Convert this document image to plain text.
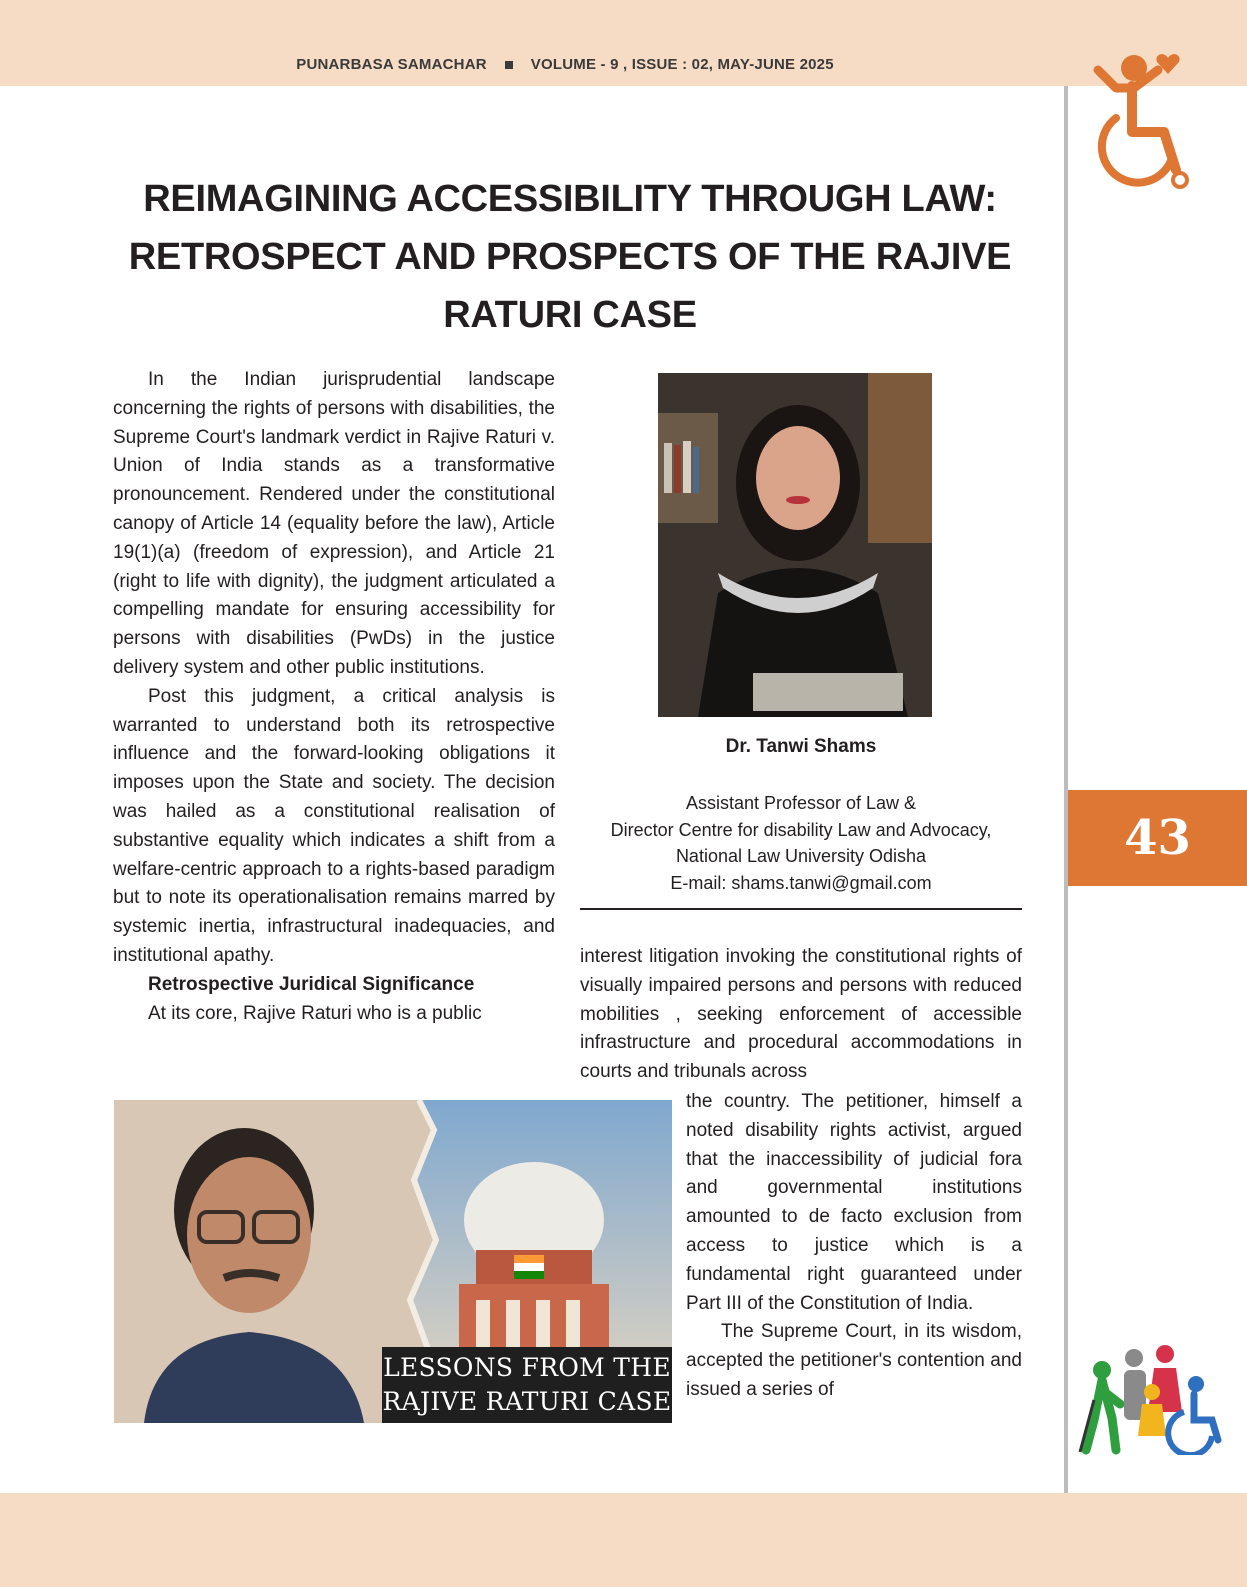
PUNARBASA SAMACHAR	VOLUME - 9 , ISSUE : 02, MAY-JUNE 2025
43
REIMAGINING ACCESSIBILITY THROUGH LAW:
RETROSPECT AND PROSPECTS OF THE RAJIVE
RATURI CASE

In the Indian jurisprudential landscape concerning the rights of persons with disabilities, the Supreme Court's landmark verdict in Rajive Raturi v. Union of India stands as a transformative pronouncement. Rendered under the constitutional canopy of Article 14 (equality before the law), Article 19(1)(a) (freedom of expression), and Article 21 (right to life with dignity), the judgment articulated a compelling mandate for ensuring accessibility for persons with disabilities (PwDs) in the justice delivery system and other public institutions.

Post this judgment, a critical analysis is warranted to understand both its retrospective influence and the forward-looking obligations it imposes upon the State and society. The decision was hailed as a constitutional realisation of substantive equality which indicates a shift from a welfare-centric approach to a rights-based paradigm but to note its operationalisation remains marred by systemic inertia, infrastructural inadequacies, and institutional apathy.

Retrospective Juridical Significance

At its core, Rajive Raturi who is a public

Dr. Tanwi Shams
Assistant Professor of Law &
Director Centre for disability Law and Advocacy,
National Law University Odisha
E-mail: shams.tanwi@gmail.com

interest litigation invoking the constitutional rights of visually impaired persons and persons with reduced mobilities , seeking enforcement of accessible infrastructure and procedural accommodations in courts and tribunals across

LESSONS FROM THE
RAJIVE RATURI CASE

the country. The petitioner, himself a noted disability rights activist, argued that the inaccessibility of judicial fora and governmental institutions amounted to de facto exclusion from access to justice which is a fundamental right guaranteed under Part III of the Constitution of India.

The Supreme Court, in its wisdom, accepted the petitioner's contention and issued a series of
